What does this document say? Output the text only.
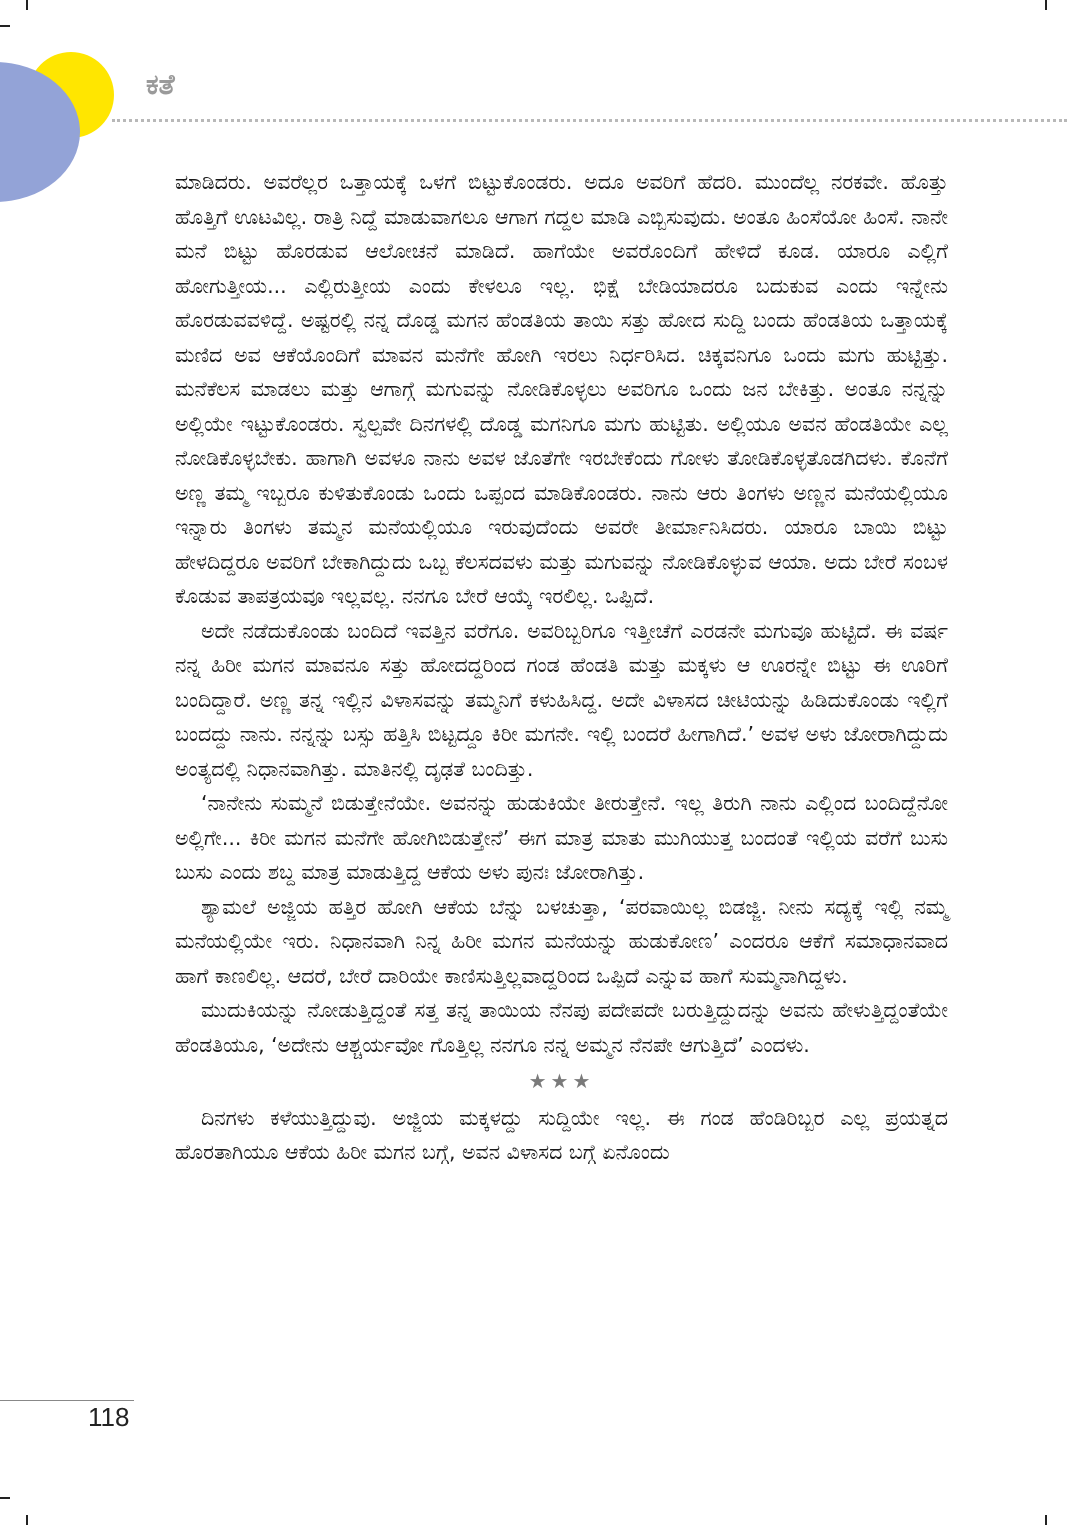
ಕತೆ

ಮಾಡಿದರು. ಅವರೆಲ್ಲರ ಒತ್ತಾಯಕ್ಕೆ ಒಳಗೆ ಬಿಟ್ಟುಕೊಂಡರು. ಅದೂ ಅವರಿಗೆ ಹೆದರಿ. ಮುಂದೆಲ್ಲ ನರಕವೇ. ಹೊತ್ತು ಹೊತ್ತಿಗೆ ಊಟವಿಲ್ಲ. ರಾತ್ರಿ ನಿದ್ದೆ ಮಾಡುವಾಗಲೂ ಆಗಾಗ ಗದ್ದಲ ಮಾಡಿ ಎಬ್ಬಿಸುವುದು. ಅಂತೂ ಹಿಂಸೆಯೋ ಹಿಂಸೆ. ನಾನೇ ಮನೆ ಬಿಟ್ಟು ಹೊರಡುವ ಆಲೋಚನೆ ಮಾಡಿದೆ. ಹಾಗೆಯೇ ಅವರೊಂದಿಗೆ ಹೇಳಿದೆ ಕೂಡ. ಯಾರೂ ಎಲ್ಲಿಗೆ ಹೋಗುತ್ತೀಯ... ಎಲ್ಲಿರುತ್ತೀಯ ಎಂದು ಕೇಳಲೂ ಇಲ್ಲ. ಭಿಕ್ಷೆ ಬೇಡಿಯಾದರೂ ಬದುಕುವ ಎಂದು ಇನ್ನೇನು ಹೊರಡುವವಳಿದ್ದೆ. ಅಷ್ಟರಲ್ಲಿ ನನ್ನ ದೊಡ್ಡ ಮಗನ ಹೆಂಡತಿಯ ತಾಯಿ ಸತ್ತು ಹೋದ ಸುದ್ದಿ ಬಂದು ಹೆಂಡತಿಯ ಒತ್ತಾಯಕ್ಕೆ ಮಣಿದ ಅವ ಆಕೆಯೊಂದಿಗೆ ಮಾವನ ಮನೆಗೇ ಹೋಗಿ ಇರಲು ನಿರ್ಧರಿಸಿದ. ಚಿಕ್ಕವನಿಗೂ ಒಂದು ಮಗು ಹುಟ್ಟಿತ್ತು. ಮನೆಕೆಲಸ ಮಾಡಲು ಮತ್ತು ಆಗಾಗ್ಗೆ ಮಗುವನ್ನು ನೋಡಿಕೊಳ್ಳಲು ಅವರಿಗೂ ಒಂದು ಜನ ಬೇಕಿತ್ತು. ಅಂತೂ ನನ್ನನ್ನು ಅಲ್ಲಿಯೇ ಇಟ್ಟುಕೊಂಡರು. ಸ್ವಲ್ಪವೇ ದಿನಗಳಲ್ಲಿ ದೊಡ್ಡ ಮಗನಿಗೂ ಮಗು ಹುಟ್ಟಿತು. ಅಲ್ಲಿಯೂ ಅವನ ಹೆಂಡತಿಯೇ ಎಲ್ಲ ನೋಡಿಕೊಳ್ಳಬೇಕು. ಹಾಗಾಗಿ ಅವಳೂ ನಾನು ಅವಳ ಜೊತೆಗೇ ಇರಬೇಕೆಂದು ಗೋಳು ತೋಡಿಕೊಳ್ಳತೊಡಗಿದಳು. ಕೊನೆಗೆ ಅಣ್ಣ ತಮ್ಮ ಇಬ್ಬರೂ ಕುಳಿತುಕೊಂಡು ಒಂದು ಒಪ್ಪಂದ ಮಾಡಿಕೊಂಡರು. ನಾನು ಆರು ತಿಂಗಳು ಅಣ್ಣನ ಮನೆಯಲ್ಲಿಯೂ ಇನ್ನಾರು ತಿಂಗಳು ತಮ್ಮನ ಮನೆಯಲ್ಲಿಯೂ ಇರುವುದೆಂದು ಅವರೇ ತೀರ್ಮಾನಿಸಿದರು. ಯಾರೂ ಬಾಯಿ ಬಿಟ್ಟು ಹೇಳದಿದ್ದರೂ ಅವರಿಗೆ ಬೇಕಾಗಿದ್ದುದು ಒಬ್ಬ ಕೆಲಸದವಳು ಮತ್ತು ಮಗುವನ್ನು ನೋಡಿಕೊಳ್ಳುವ ಆಯಾ. ಅದು ಬೇರೆ ಸಂಬಳ ಕೊಡುವ ತಾಪತ್ರಯವೂ ಇಲ್ಲವಲ್ಲ. ನನಗೂ ಬೇರೆ ಆಯ್ಕೆ ಇರಲಿಲ್ಲ. ಒಪ್ಪಿದೆ.

ಅದೇ ನಡೆದುಕೊಂಡು ಬಂದಿದೆ ಇವತ್ತಿನ ವರೆಗೂ. ಅವರಿಬ್ಬರಿಗೂ ಇತ್ತೀಚೆಗೆ ಎರಡನೇ ಮಗುವೂ ಹುಟ್ಟಿದೆ. ಈ ವರ್ಷ ನನ್ನ ಹಿರೀ ಮಗನ ಮಾವನೂ ಸತ್ತು ಹೋದದ್ದರಿಂದ ಗಂಡ ಹೆಂಡತಿ ಮತ್ತು ಮಕ್ಕಳು ಆ ಊರನ್ನೇ ಬಿಟ್ಟು ಈ ಊರಿಗೆ ಬಂದಿದ್ದಾರೆ. ಅಣ್ಣ ತನ್ನ ಇಲ್ಲಿನ ವಿಳಾಸವನ್ನು ತಮ್ಮನಿಗೆ ಕಳುಹಿಸಿದ್ದ. ಅದೇ ವಿಳಾಸದ ಚೀಟಿಯನ್ನು ಹಿಡಿದುಕೊಂಡು ಇಲ್ಲಿಗೆ ಬಂದದ್ದು ನಾನು. ನನ್ನನ್ನು ಬಸ್ಸು ಹತ್ತಿಸಿ ಬಿಟ್ಟದ್ದೂ ಕಿರೀ ಮಗನೇ. ಇಲ್ಲಿ ಬಂದರೆ ಹೀಗಾಗಿದೆ.’ ಅವಳ ಅಳು ಜೋರಾಗಿದ್ದುದು ಅಂತ್ಯದಲ್ಲಿ ನಿಧಾನವಾಗಿತ್ತು. ಮಾತಿನಲ್ಲಿ ದೃಢತೆ ಬಂದಿತ್ತು.

‘ನಾನೇನು ಸುಮ್ಮನೆ ಬಿಡುತ್ತೇನೆಯೇ. ಅವನನ್ನು ಹುಡುಕಿಯೇ ತೀರುತ್ತೇನೆ. ಇಲ್ಲ ತಿರುಗಿ ನಾನು ಎಲ್ಲಿಂದ ಬಂದಿದ್ದೆನೋ ಅಲ್ಲಿಗೇ... ಕಿರೀ ಮಗನ ಮನೆಗೇ ಹೋಗಿಬಿಡುತ್ತೇನೆ’ ಈಗ ಮಾತ್ರ ಮಾತು ಮುಗಿಯುತ್ತ ಬಂದಂತೆ ಇಲ್ಲಿಯ ವರೆಗೆ ಬುಸು ಬುಸು ಎಂದು ಶಬ್ದ ಮಾತ್ರ ಮಾಡುತ್ತಿದ್ದ ಆಕೆಯ ಅಳು ಪುನಃ ಜೋರಾಗಿತ್ತು.

ಶ್ಯಾಮಲೆ ಅಜ್ಜಿಯ ಹತ್ತಿರ ಹೋಗಿ ಆಕೆಯ ಬೆನ್ನು ಬಳಚುತ್ತಾ, ‘ಪರವಾಯಿಲ್ಲ ಬಿಡಜ್ಜಿ. ನೀನು ಸದ್ಯಕ್ಕೆ ಇಲ್ಲಿ ನಮ್ಮ ಮನೆಯಲ್ಲಿಯೇ ಇರು. ನಿಧಾನವಾಗಿ ನಿನ್ನ ಹಿರೀ ಮಗನ ಮನೆಯನ್ನು ಹುಡುಕೋಣ’ ಎಂದರೂ ಆಕೆಗೆ ಸಮಾಧಾನವಾದ ಹಾಗೆ ಕಾಣಲಿಲ್ಲ. ಆದರೆ, ಬೇರೆ ದಾರಿಯೇ ಕಾಣಿಸುತ್ತಿಲ್ಲವಾದ್ದರಿಂದ ಒಪ್ಪಿದೆ ಎನ್ನುವ ಹಾಗೆ ಸುಮ್ಮನಾಗಿದ್ದಳು.

ಮುದುಕಿಯನ್ನು ನೋಡುತ್ತಿದ್ದಂತೆ ಸತ್ತ ತನ್ನ ತಾಯಿಯ ನೆನಪು ಪದೇಪದೇ ಬರುತ್ತಿದ್ದುದನ್ನು ಅವನು ಹೇಳುತ್ತಿದ್ದಂತೆಯೇ ಹೆಂಡತಿಯೂ, ‘ಅದೇನು ಆಶ್ಚರ್ಯವೋ ಗೊತ್ತಿಲ್ಲ ನನಗೂ ನನ್ನ ಅಮ್ಮನ ನೆನಪೇ ಆಗುತ್ತಿದೆ’ ಎಂದಳು.

★★★

ದಿನಗಳು ಕಳೆಯುತ್ತಿದ್ದುವು. ಅಜ್ಜಿಯ ಮಕ್ಕಳದ್ದು ಸುದ್ದಿಯೇ ಇಲ್ಲ. ಈ ಗಂಡ ಹೆಂಡಿರಿಬ್ಬರ ಎಲ್ಲ ಪ್ರಯತ್ನದ ಹೊರತಾಗಿಯೂ ಆಕೆಯ ಹಿರೀ ಮಗನ ಬಗ್ಗೆ, ಅವನ ವಿಳಾಸದ ಬಗ್ಗೆ ಏನೊಂದು

118
